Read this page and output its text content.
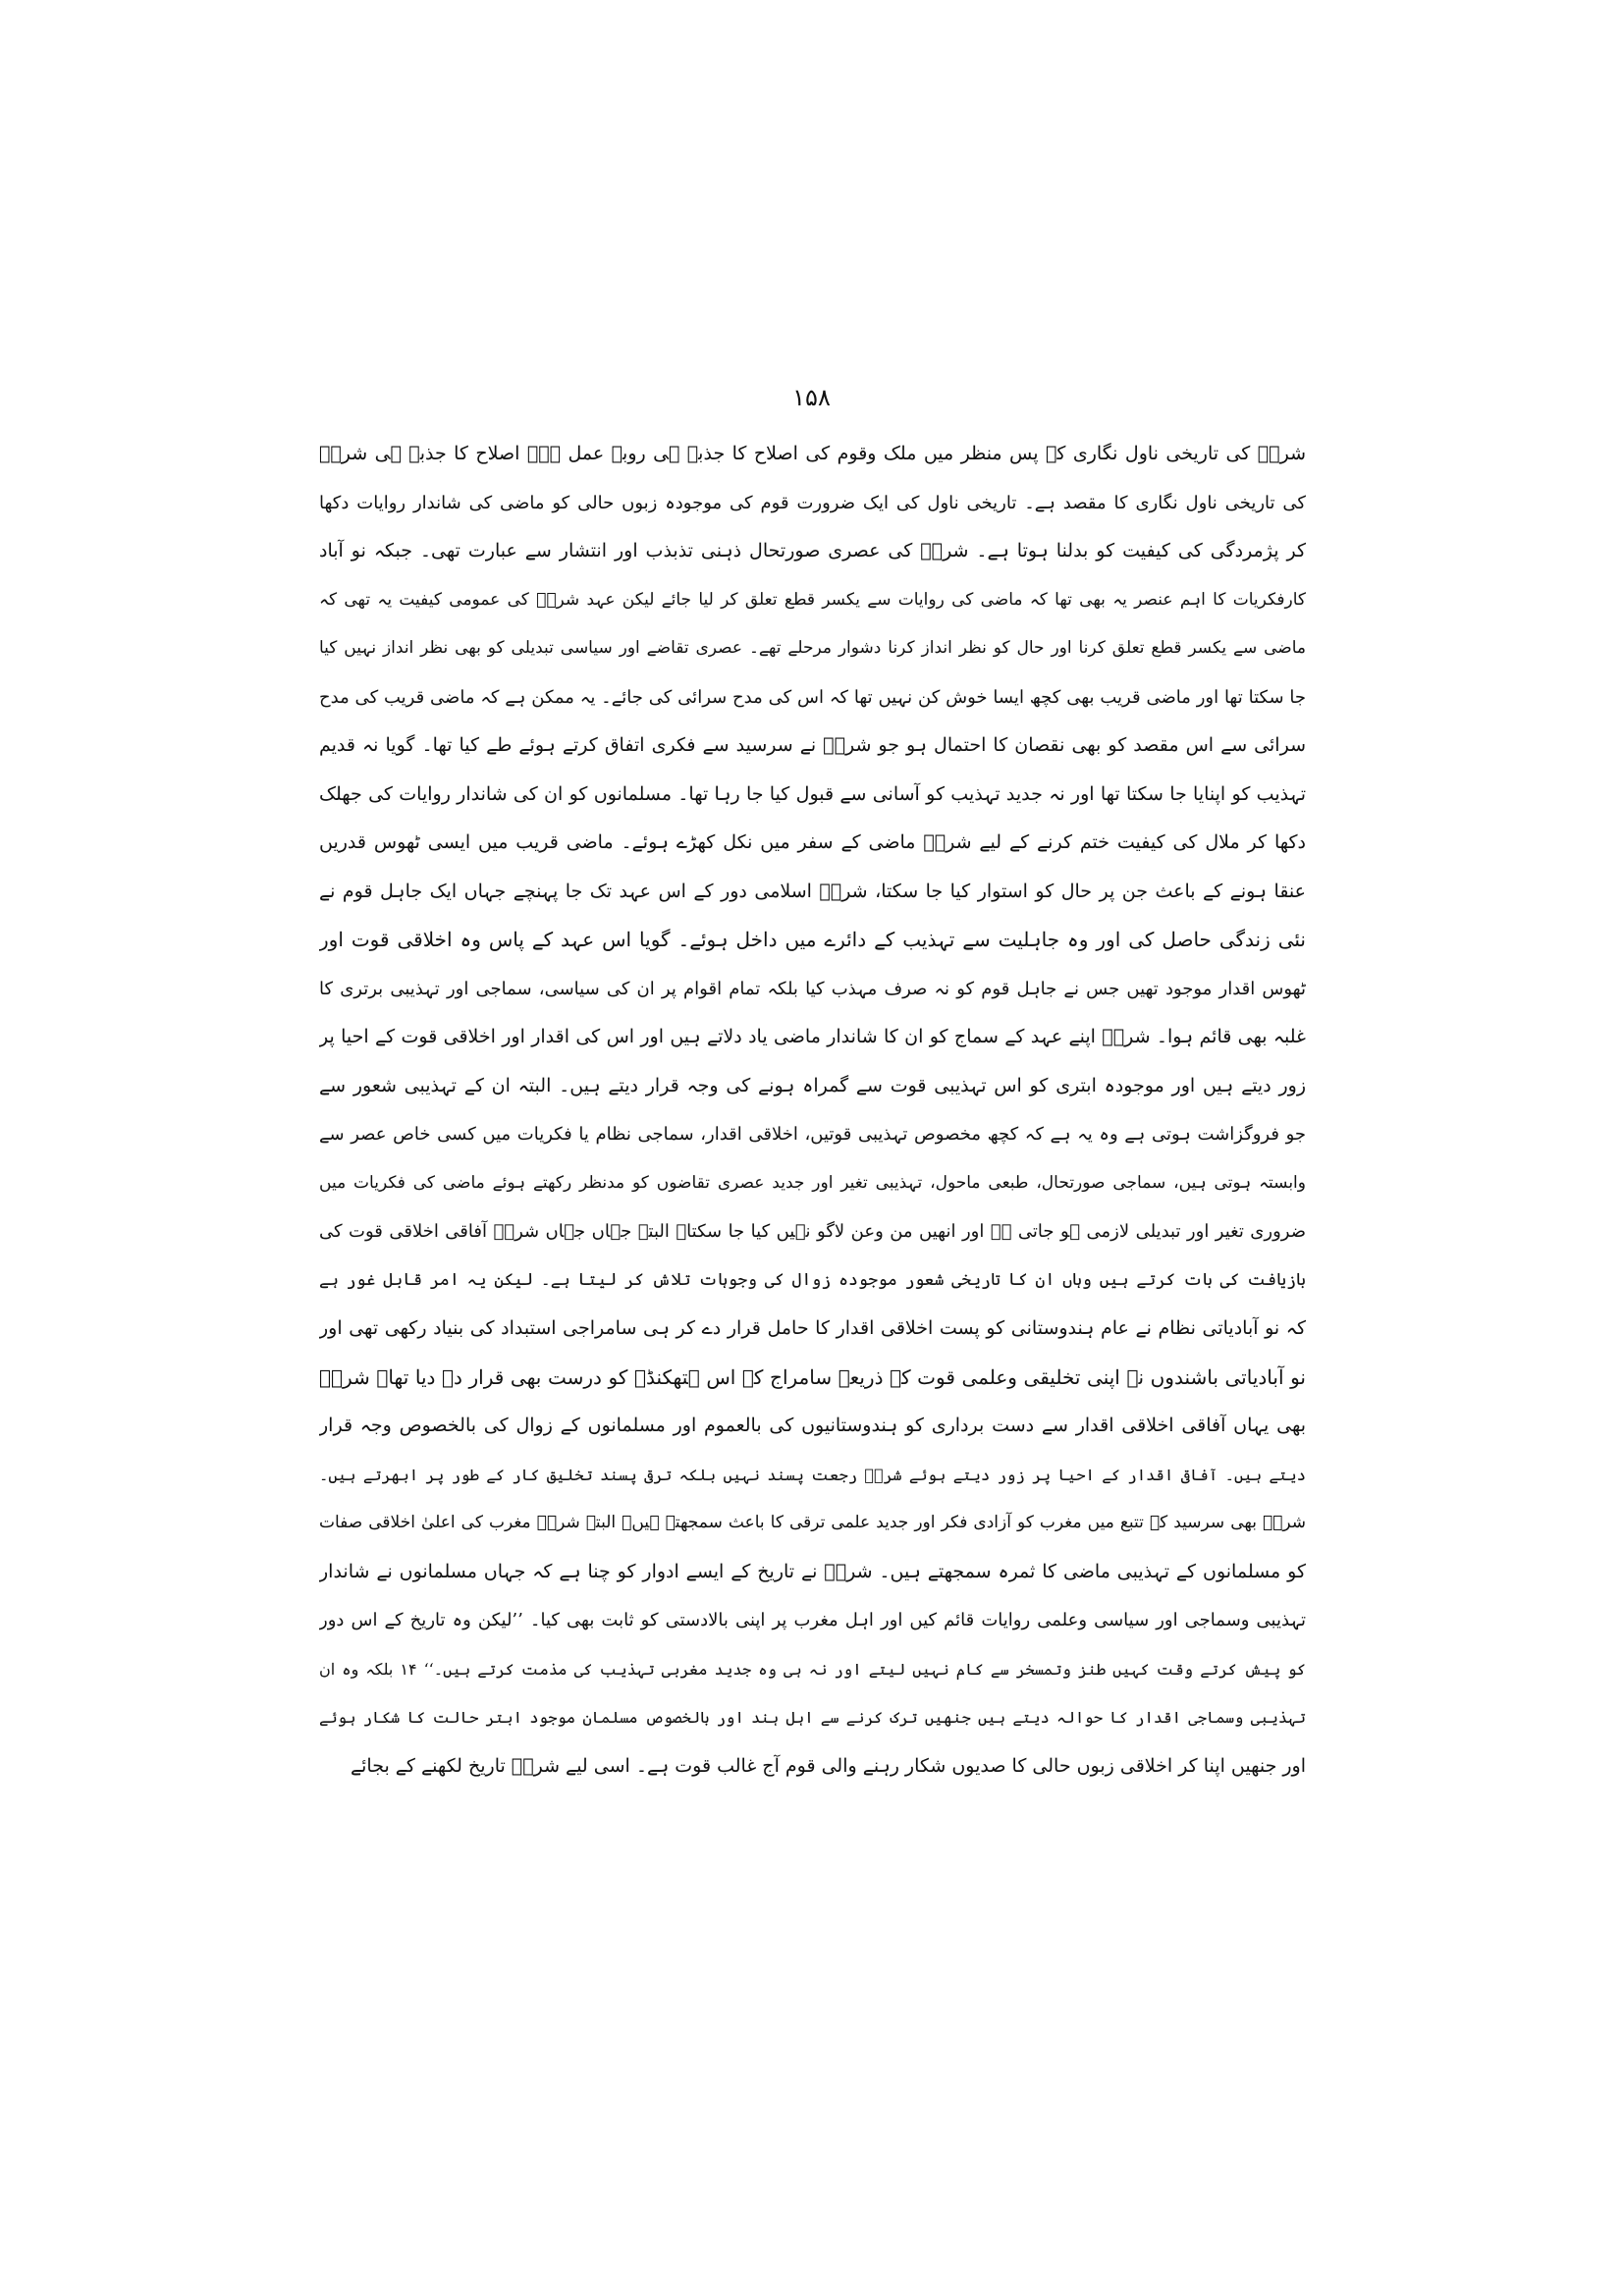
۱۵۸
شررؔ کی تاریخی ناول نگاری کے پس منظر میں ملک وقوم کی اصلاح کا جذبہ ہی روبہ عمل ہے۔ اصلاح کا جذبہ ہی شررؔ
کی تاریخی ناول نگاری کا مقصد ہے۔ تاریخی ناول کی ایک ضرورت قوم کی موجودہ زبوں حالی کو ماضی کی شاندار روایات دکھا
کر پژمردگی کی کیفیت کو بدلنا ہوتا ہے۔ شررؔ کی عصری صورتحال ذہنی تذبذب اور انتشار سے عبارت تھی۔ جبکہ نو آباد
کارفکریات کا اہم عنصر یہ بھی تھا کہ ماضی کی روایات سے یکسر قطع تعلق کر لیا جائے لیکن عہد شررؔ کی عمومی کیفیت یہ تھی کہ
ماضی سے یکسر قطع تعلق کرنا اور حال کو نظر انداز کرنا دشوار مرحلے تھے۔ عصری تقاضے اور سیاسی تبدیلی کو بھی نظر انداز نہیں کیا
جا سکتا تھا اور ماضی قریب بھی کچھ ایسا خوش کن نہیں تھا کہ اس کی مدح سرائی کی جائے۔ یہ ممکن ہے کہ ماضی قریب کی مدح
سرائی سے اس مقصد کو بھی نقصان کا احتمال ہو جو شررؔ نے سرسید سے فکری اتفاق کرتے ہوئے طے کیا تھا۔ گویا نہ قدیم
تہذیب کو اپنایا جا سکتا تھا اور نہ جدید تہذیب کو آسانی سے قبول کیا جا رہا تھا۔ مسلمانوں کو ان کی شاندار روایات کی جھلک
دکھا کر ملال کی کیفیت ختم کرنے کے لیے شررؔ ماضی کے سفر میں نکل کھڑے ہوئے۔ ماضی قریب میں ایسی ٹھوس قدریں
عنقا ہونے کے باعث جن پر حال کو استوار کیا جا سکتا، شررؔ اسلامی دور کے اس عہد تک جا پہنچے جہاں ایک جاہل قوم نے
نئی زندگی حاصل کی اور وہ جاہلیت سے تہذیب کے دائرے میں داخل ہوئے۔ گویا اس عہد کے پاس وہ اخلاقی قوت اور
ٹھوس اقدار موجود تھیں جس نے جاہل قوم کو نہ صرف مہذب کیا بلکہ تمام اقوام پر ان کی سیاسی، سماجی اور تہذیبی برتری کا
غلبہ بھی قائم ہوا۔ شررؔ اپنے عہد کے سماج کو ان کا شاندار ماضی یاد دلاتے ہیں اور اس کی اقدار اور اخلاقی قوت کے احیا پر
زور دیتے ہیں اور موجودہ ابتری کو اس تہذیبی قوت سے گمراہ ہونے کی وجہ قرار دیتے ہیں۔ البتہ ان کے تہذیبی شعور سے
جو فروگزاشت ہوتی ہے وہ یہ ہے کہ کچھ مخصوص تہذیبی قوتیں، اخلاقی اقدار، سماجی نظام یا فکریات میں کسی خاص عصر سے
وابستہ ہوتی ہیں، سماجی صورتحال، طبعی ماحول، تہذیبی تغیر اور جدید عصری تقاضوں کو مدنظر رکھتے ہوئے ماضی کی فکریات میں
ضروری تغیر اور تبدیلی لازمی ہو جاتی ہے اور انھیں من وعن لاگو نہیں کیا جا سکتا۔ البتہ جہاں جہاں شررؔ آفاقی اخلاقی قوت کی
بازیافت کی بات کرتے ہیں وہاں ان کا تاریخی شعور موجودہ زوال کی وجوہات تلاش کر لیتا ہے۔ لیکن یہ امر قابل غور ہے
کہ نو آبادیاتی نظام نے عام ہندوستانی کو پست اخلاقی اقدار کا حامل قرار دے کر ہی سامراجی استبداد کی بنیاد رکھی تھی اور
نو آبادیاتی باشندوں نے اپنی تخلیقی وعلمی قوت کے ذریعے سامراج کے اس ہتھکنڈے کو درست بھی قرار دے دیا تھا۔ شررؔ
بھی یہاں آفاقی اخلاقی اقدار سے دست برداری کو ہندوستانیوں کی بالعموم اور مسلمانوں کے زوال کی بالخصوص وجہ قرار
دیتے ہیں۔ آفاقی اقدار کے احیا پر زور دیتے ہوئے شررؔ رجعت پسند نہیں بلکہ ترقی پسند تخلیق کار کے طور پر ابھرتے ہیں۔
شررؔ بھی سرسید کے تتبع میں مغرب کو آزادی فکر اور جدید علمی ترقی کا باعث سمجھتے ہیں۔ البتہ شررؔ مغرب کی اعلیٰ اخلاقی صفات
کو مسلمانوں کے تہذیبی ماضی کا ثمرہ سمجھتے ہیں۔ شررؔ نے تاریخ کے ایسے ادوار کو چنا ہے کہ جہاں مسلمانوں نے شاندار
تہذیبی وسماجی اور سیاسی وعلمی روایات قائم کیں اور اہل مغرب پر اپنی بالادستی کو ثابت بھی کیا۔ ’’لیکن وہ تاریخ کے اس دور
کو پیش کرتے وقت کہیں طنز وتمسخر سے کام نہیں لیتے اور نہ ہی وہ جدید مغربی تہذیب کی مذمت کرتے ہیں۔‘‘ ۱۴ بلکہ وہ ان
تہذیبی وسماجی اقدار کا حوالہ دیتے ہیں جنھیں ترک کرنے سے اہل ہند اور بالخصوص مسلمان موجود ابتر حالت کا شکار ہوئے
اور جنھیں اپنا کر اخلاقی زبوں حالی کا صدیوں شکار رہنے والی قوم آج غالب قوت ہے۔ اسی لیے شررؔ تاریخ لکھنے کے بجائے
